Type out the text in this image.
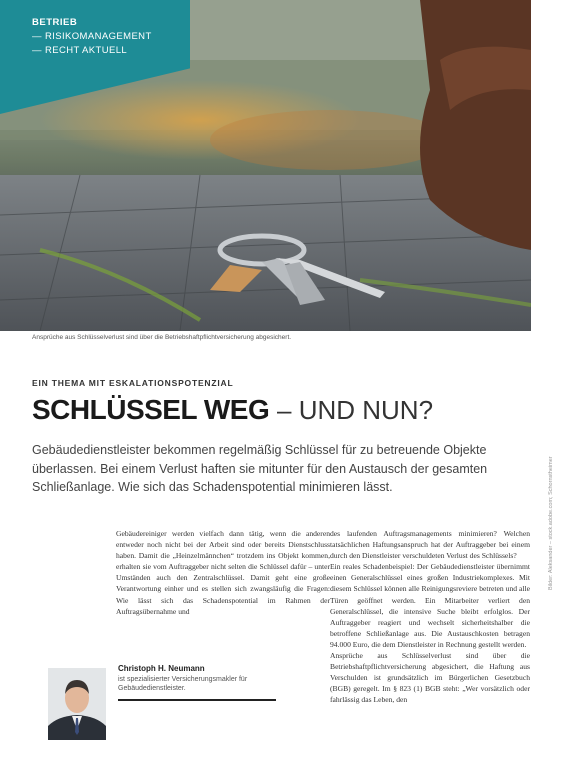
BETRIEB
— RISIKOMANAGEMENT
— RECHT AKTUELL
Ansprüche aus Schlüsselverlust sind über die Betriebshaftpflichtversicherung abgesichert.
EIN THEMA MIT ESKALATIONSPOTENZIAL
SCHLÜSSEL WEG – UND NUN?
Gebäudedienstleister bekommen regelmäßig Schlüssel für zu betreuende Objekte überlassen. Bei einem Verlust haften sie mitunter für den Austausch der gesamten Schließanlage. Wie sich das Schadenspotential minimieren lässt.

Gebäudereiniger werden vielfach dann tätig, wenn die anderen entweder noch nicht bei der Arbeit sind oder bereits Dienstschluss haben. Damit die „Heinzelmännchen“ trotzdem ins Objekt kommen, erhalten sie vom Auftraggeber nicht selten die Schlüssel dafür – unter Umständen auch den Zentralschlüssel. Damit geht eine große Verantwortung einher und es stellen sich zwangsläufig die Fragen: Wie lässt sich das Schadenspotential im Rahmen der Auftragsübernahme und

des laufenden Auftragsmanagements minimieren? Welchen tatsächlichen Haftungsanspruch hat der Auftraggeber bei einem durch den Dienstleister verschuldeten Verlust des Schlüssels?

Ein reales Schadenbeispiel: Der Gebäudedienstleister übernimmt einen Generalschlüssel eines großen Industriekomplexes. Mit diesem Schlüssel können alle Reinigungsreviere betreten und alle Türen geöffnet werden. Ein Mitarbeiter verliert den Generalschlüssel, die intensive Suche bleibt erfolglos. Der Auftraggeber reagiert und wechselt sicherheitshalber die betroffene Schließanlage aus. Die Austauschkosten betragen 94.000 Euro, die dem Dienstleister in Rechnung gestellt werden.

Ansprüche aus Schlüsselverlust sind über die Betriebshaftpflichtversicherung abgesichert, die Haftung aus Verschulden ist grundsätzlich im Bürgerlichen Gesetzbuch (BGB) geregelt. Im § 823 (1) BGB steht: „Wer vorsätzlich oder fahrlässig das Leben, den

Christoph H. Neumann
ist spezialisierter Versicherungsmakler für Gebäudedienstleister.
Bilder: Aleksander – stock.adobe.com; Schornstheimer
